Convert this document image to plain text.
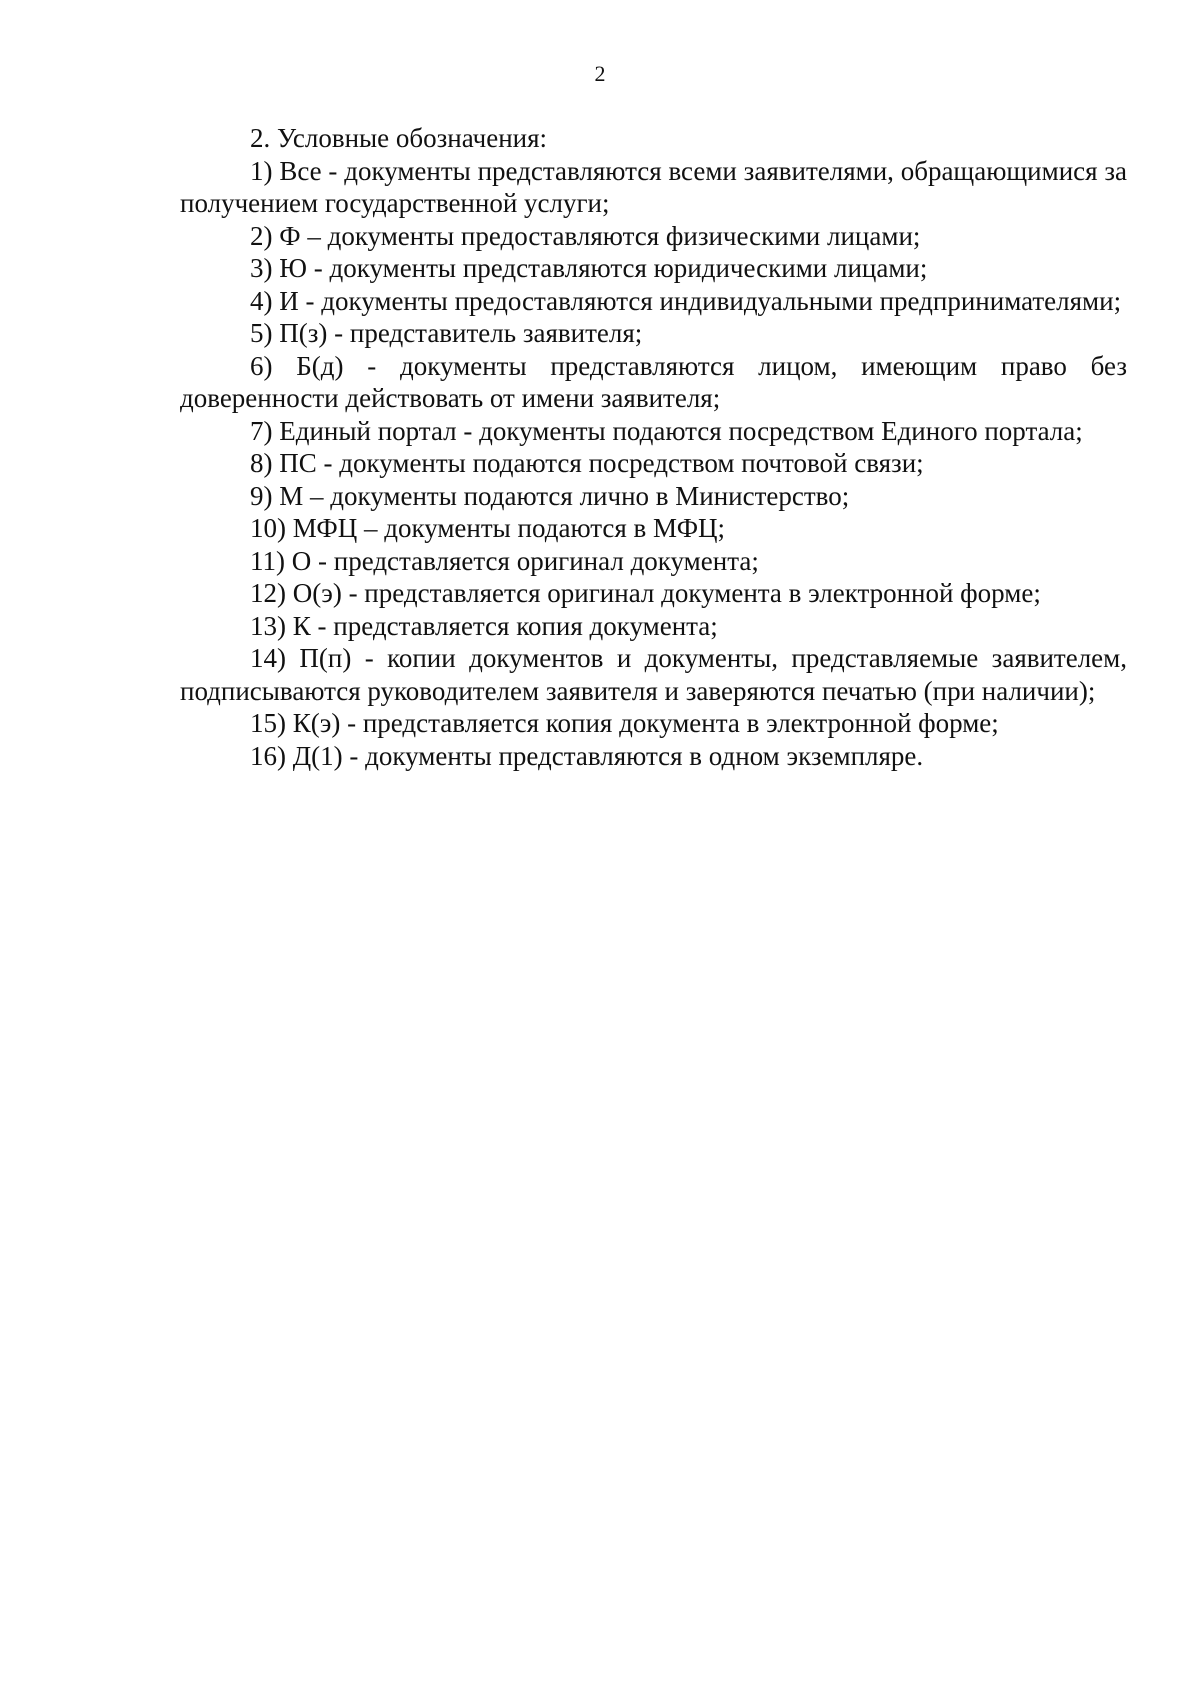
2

2. Условные обозначения:

1) Все - документы представляются всеми заявителями, обращающимися за получением государственной услуги;

2) Ф – документы предоставляются физическими лицами;

3) Ю - документы представляются юридическими лицами;

4) И - документы предоставляются индивидуальными предпринимателями;

5) П(з) - представитель заявителя;

6) Б(д) - документы представляются лицом, имеющим право без доверенности действовать от имени заявителя;

7) Единый портал - документы подаются посредством Единого портала;

8) ПС - документы подаются посредством почтовой связи;

9) М – документы подаются лично в Министерство;

10) МФЦ – документы подаются в МФЦ;

11) О - представляется оригинал документа;

12) О(э) - представляется оригинал документа в электронной форме;

13) К - представляется копия документа;

14) П(п) - копии документов и документы, представляемые заявителем, подписываются руководителем заявителя и заверяются печатью (при наличии);

15) К(э) - представляется копия документа в электронной форме;

16) Д(1) - документы представляются в одном экземпляре.
